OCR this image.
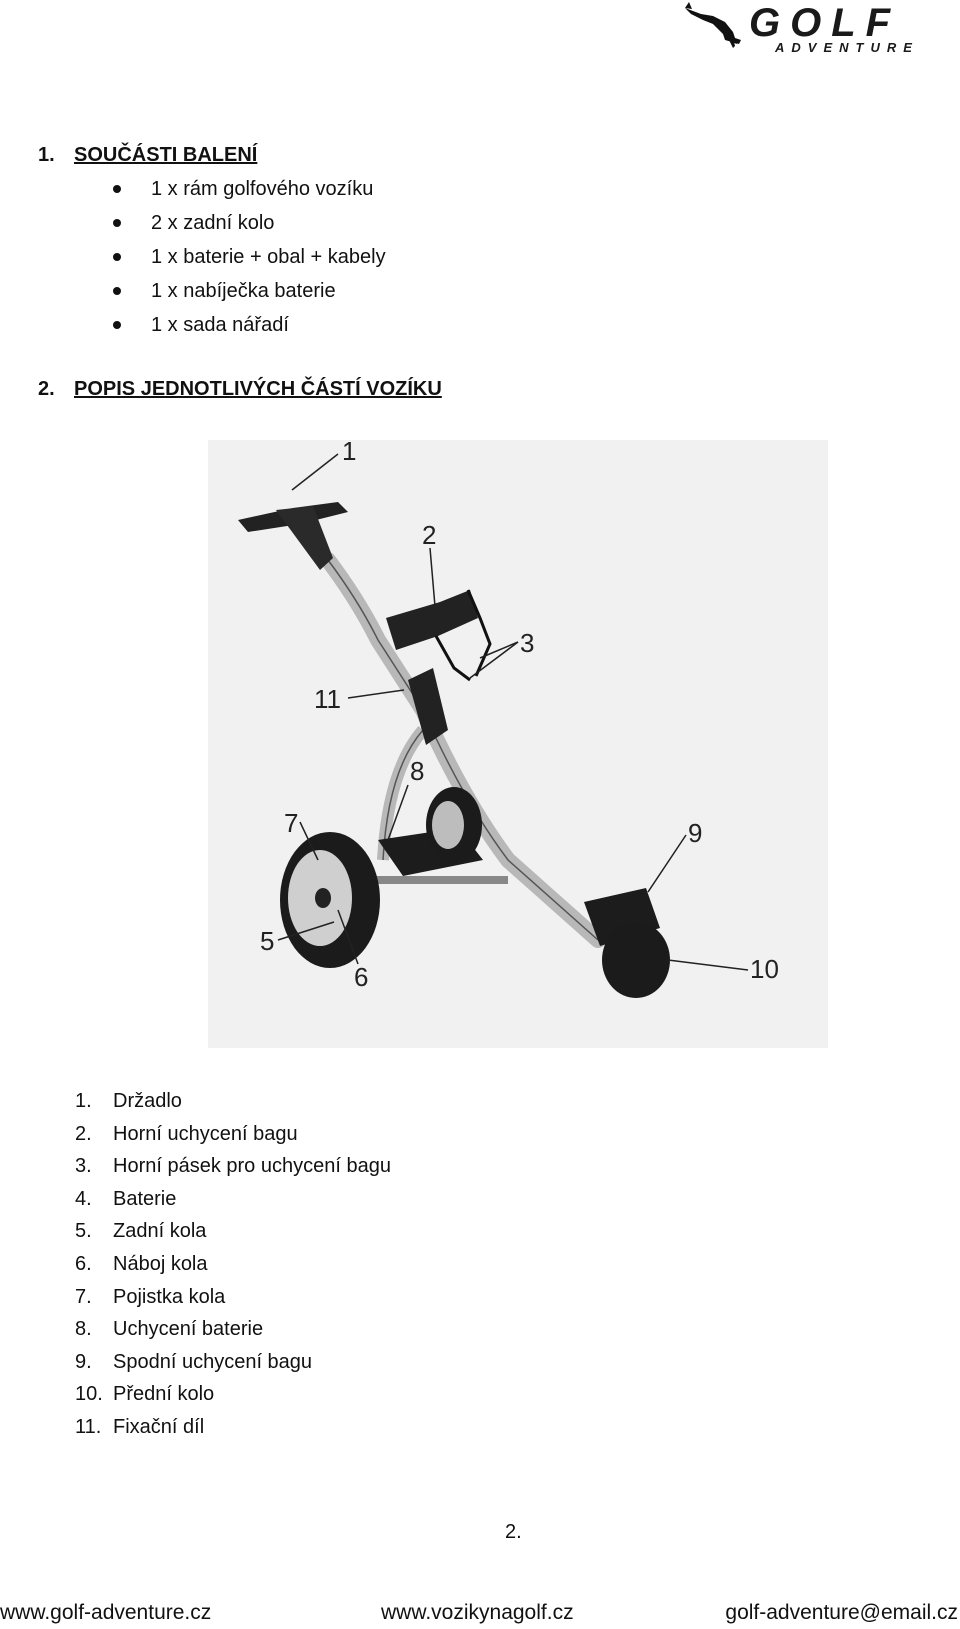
GOLF
ADVENTURE
1. SOUČÁSTI BALENÍ
1 x rám golfového vozíku
2 x zadní kolo
1 x baterie + obal + kabely
1 x nabíječka baterie
1 x sada nářadí
2. POPIS JEDNOTLIVÝCH ČÁSTÍ VOZÍKU
1
2
3
8
11
7	9
5
6	10
1. Držadlo
2. Horní uchycení bagu
3. Horní pásek pro uchycení bagu
4. Baterie
5. Zadní kola
6. Náboj kola
7. Pojistka kola
8. Uchycení baterie
9. Spodní uchycení bagu
10. Přední kolo
11. Fixační díl
2.
www.golf-adventure.cz	www.vozikynagolf.cz	golf-adventure@email.cz
